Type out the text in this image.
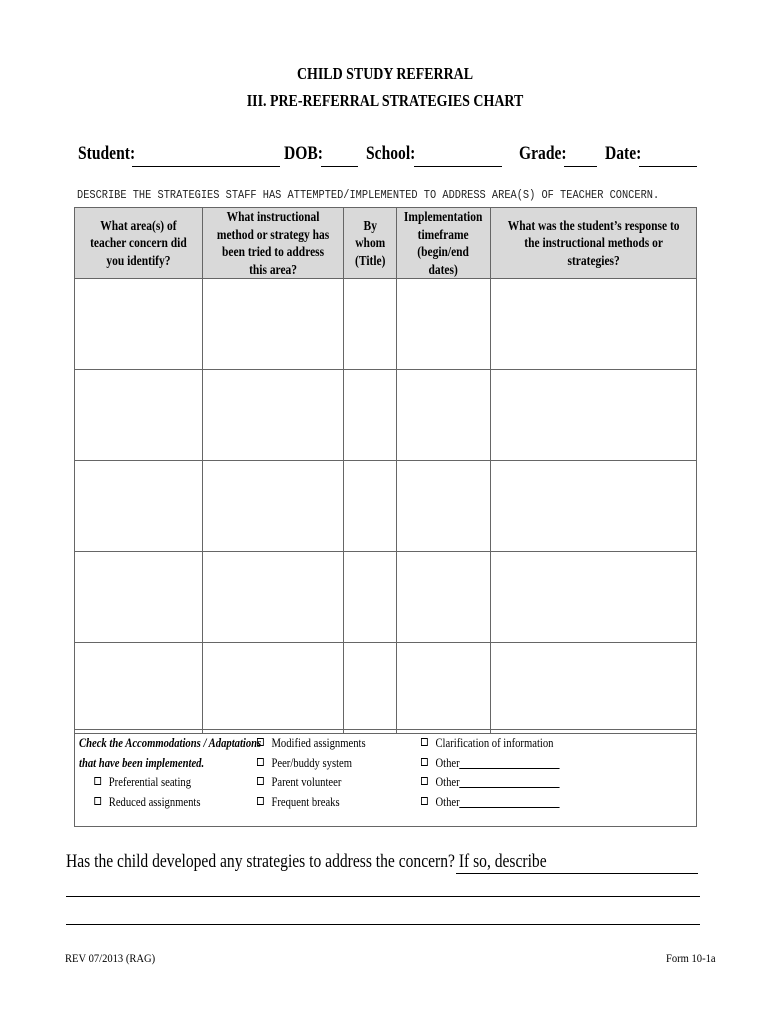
CHILD STUDY REFERRAL
III. PRE-REFERRAL STRATEGIES CHART
Student:	DOB: School:	Grade: Date:
DESCRIBE THE STRATEGIES STAFF HAS ATTEMPTED/IMPLEMENTED TO ADDRESS AREA(S) OF TEACHER CONCERN.
What area(s) of teacher concern did you identify?	What instructional method or strategy has been tried to address this area?	By whom (Title)	Implementation timeframe (begin/end dates)	What was the student’s response to the instructional methods or strategies?

Check the Accommodations / Adaptations
that have been implemented.
Preferential seating
Reduced assignments
Modified assignments
Peer/buddy system
Parent volunteer
Frequent breaks
Clarification of information
Other
Other
Other
Has the child developed any strategies to address the concern? If so, describe
REV 07/2013 (RAG)	Form 10-1a
